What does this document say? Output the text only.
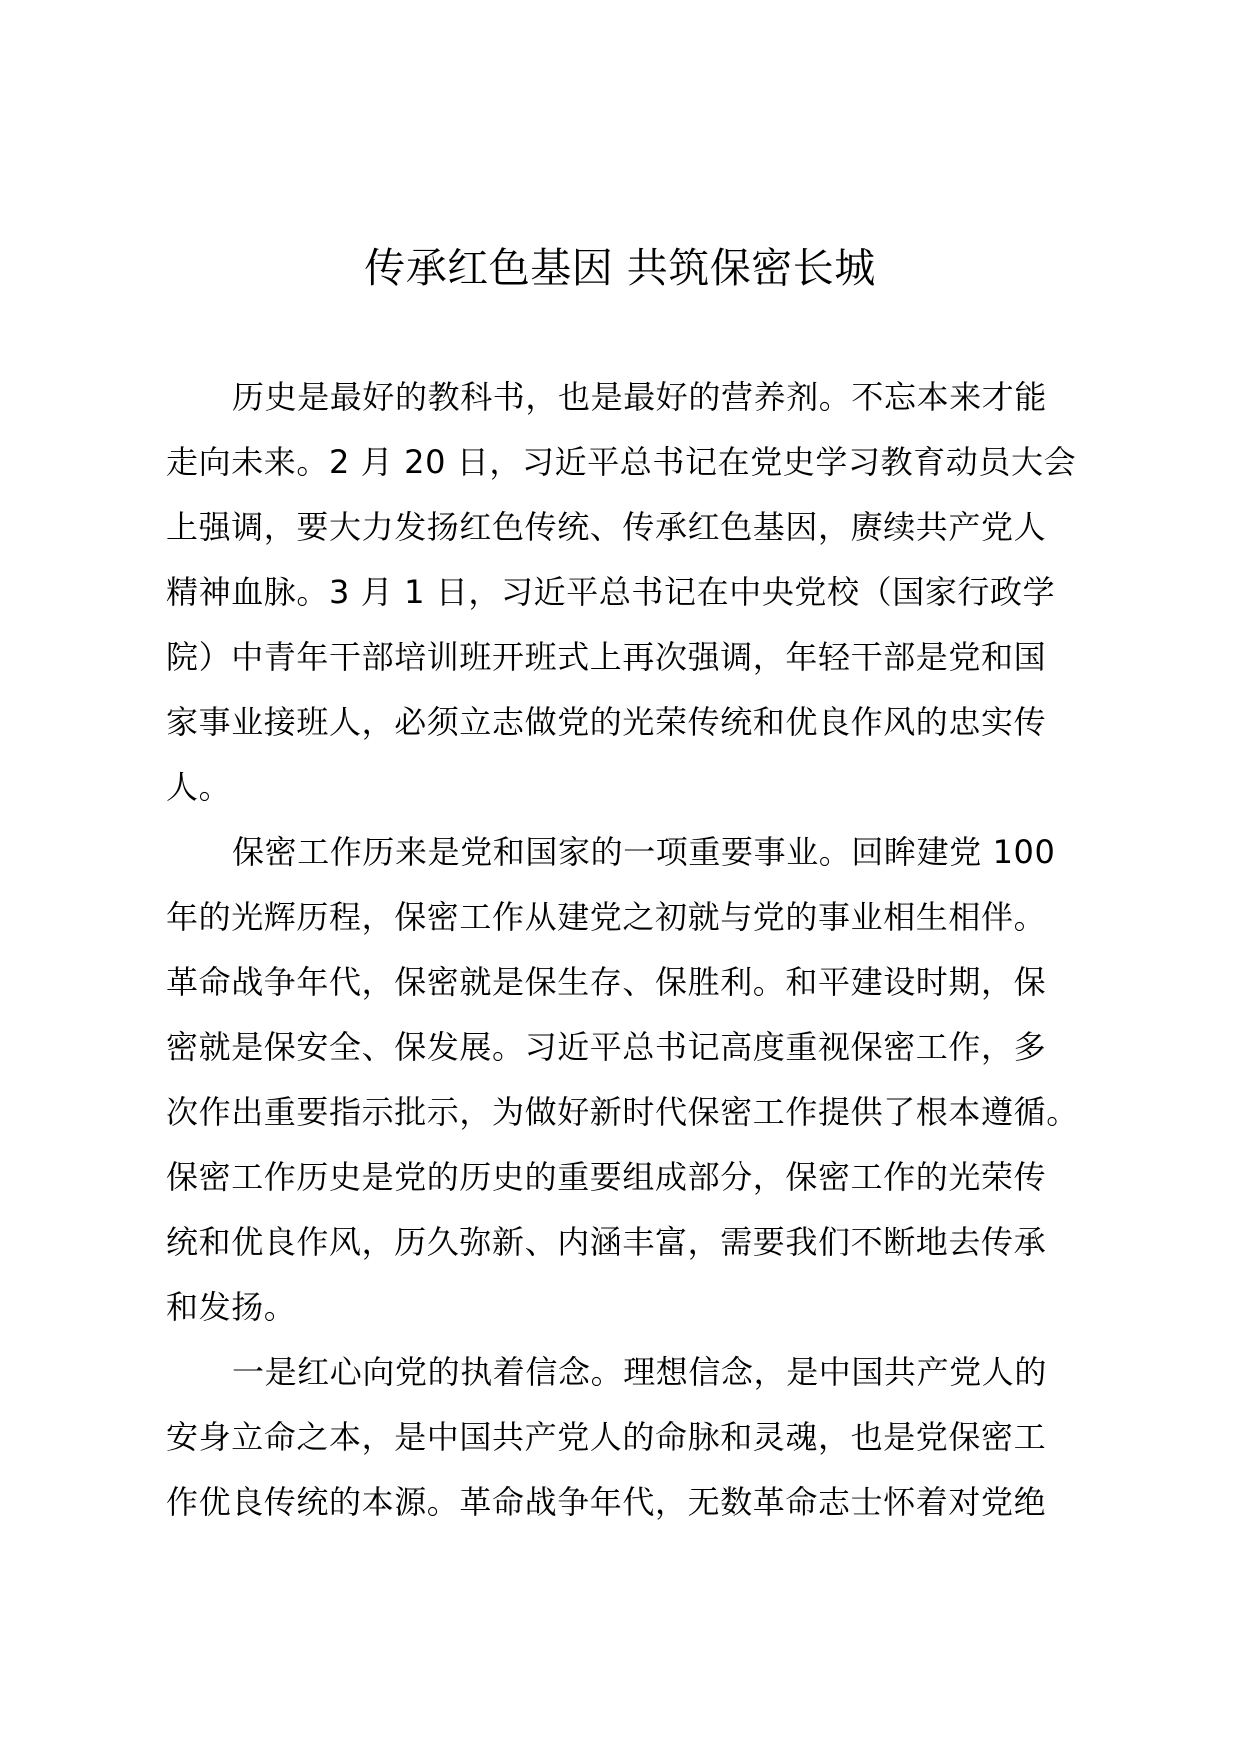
传承红色基因 共筑保密长城
历史是最好的教科书，也是最好的营养剂。不忘本来才能
走向未来。2 月 20 日，习近平总书记在党史学习教育动员大会
上强调，要大力发扬红色传统、传承红色基因，赓续共产党人
精神血脉。3 月 1 日，习近平总书记在中央党校（国家行政学
院）中青年干部培训班开班式上再次强调，年轻干部是党和国
家事业接班人，必须立志做党的光荣传统和优良作风的忠实传
人。
保密工作历来是党和国家的一项重要事业。回眸建党 100
年的光辉历程，保密工作从建党之初就与党的事业相生相伴。
革命战争年代，保密就是保生存、保胜利。和平建设时期，保
密就是保安全、保发展。习近平总书记高度重视保密工作，多
次作出重要指示批示，为做好新时代保密工作提供了根本遵循。
保密工作历史是党的历史的重要组成部分，保密工作的光荣传
统和优良作风，历久弥新、内涵丰富，需要我们不断地去传承
和发扬。
一是红心向党的执着信念。理想信念，是中国共产党人的
安身立命之本，是中国共产党人的命脉和灵魂，也是党保密工
作优良传统的本源。革命战争年代，无数革命志士怀着对党绝
